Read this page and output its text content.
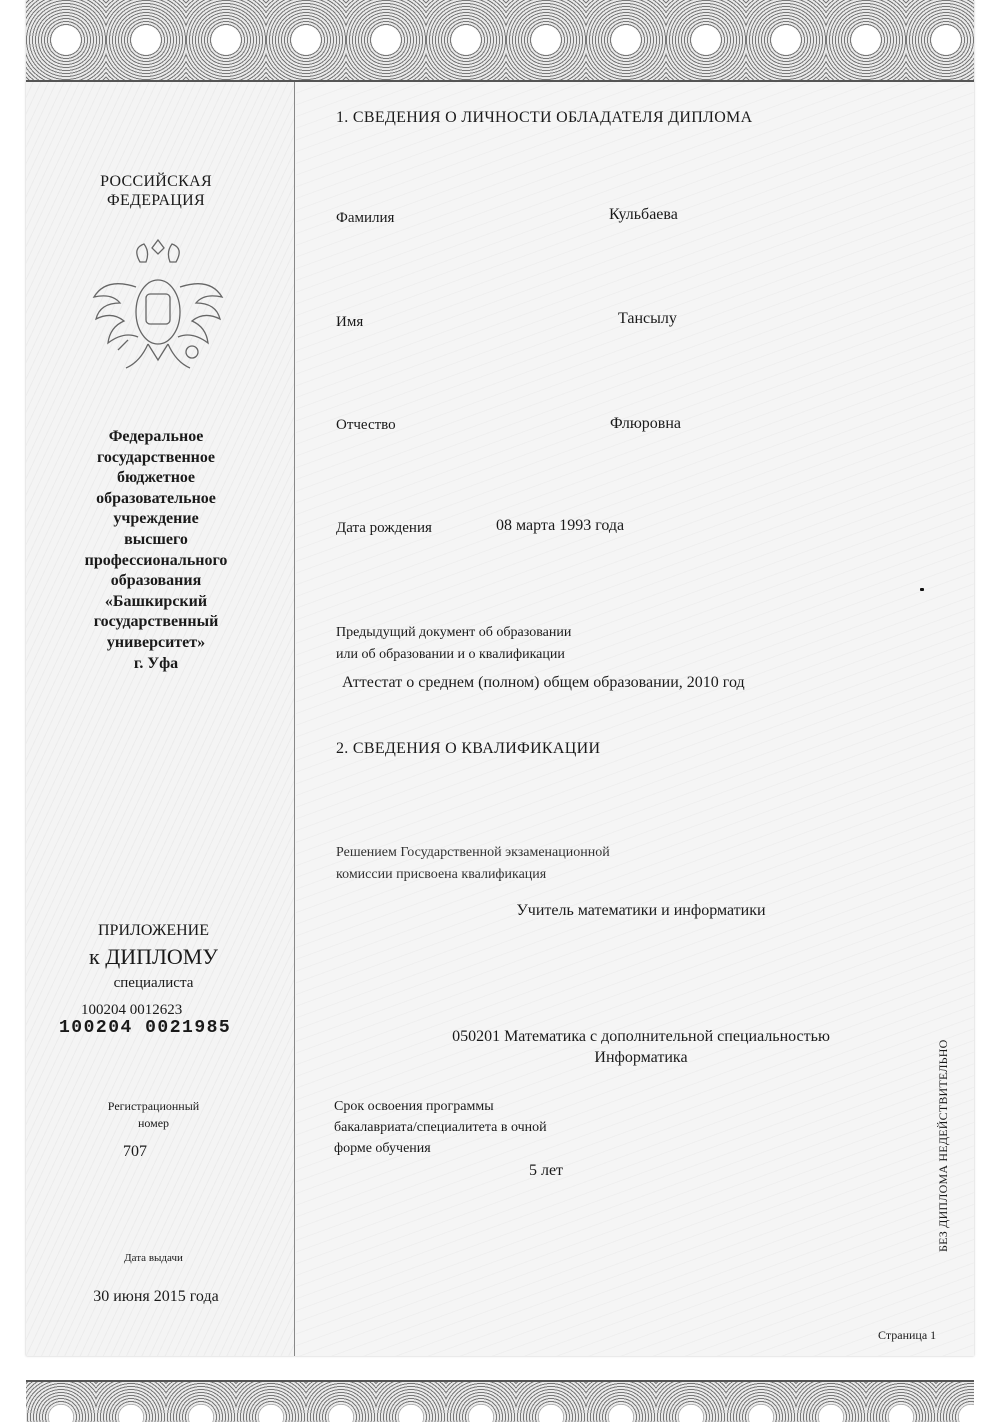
РОССИЙСКАЯ
ФЕДЕРАЦИЯ
Федеральное
государственное
бюджетное
образовательное
учреждение
высшего
профессионального
образования
«Башкирский
государственный
университет»
г. Уфа
ПРИЛОЖЕНИЕ
к ДИПЛОМУ
специалиста
100204 0012623
100204 0021985
Регистрационный
номер
707
Дата выдачи
30 июня 2015 года
1. СВЕДЕНИЯ О ЛИЧНОСТИ ОБЛАДАТЕЛЯ ДИПЛОМА
Фамилия	Кульбаева
Имя	Тансылу
Отчество	Флюровна
Дата рождения	08 марта 1993 года
Предыдущий документ об образовании
или об образовании и о квалификации
Аттестат о среднем (полном) общем образовании, 2010 год
2. СВЕДЕНИЯ О КВАЛИФИКАЦИИ
Решением Государственной экзаменационной
комиссии присвоена квалификация
Учитель математики и информатики
050201 Математика с дополнительной специальностью
Информатика
Срок освоения программы
бакалавриата/специалитета в очной
форме обучения
5 лет	БЕЗ ДИПЛОМА НЕДЕЙСТВИТЕЛЬНО
Страница 1
